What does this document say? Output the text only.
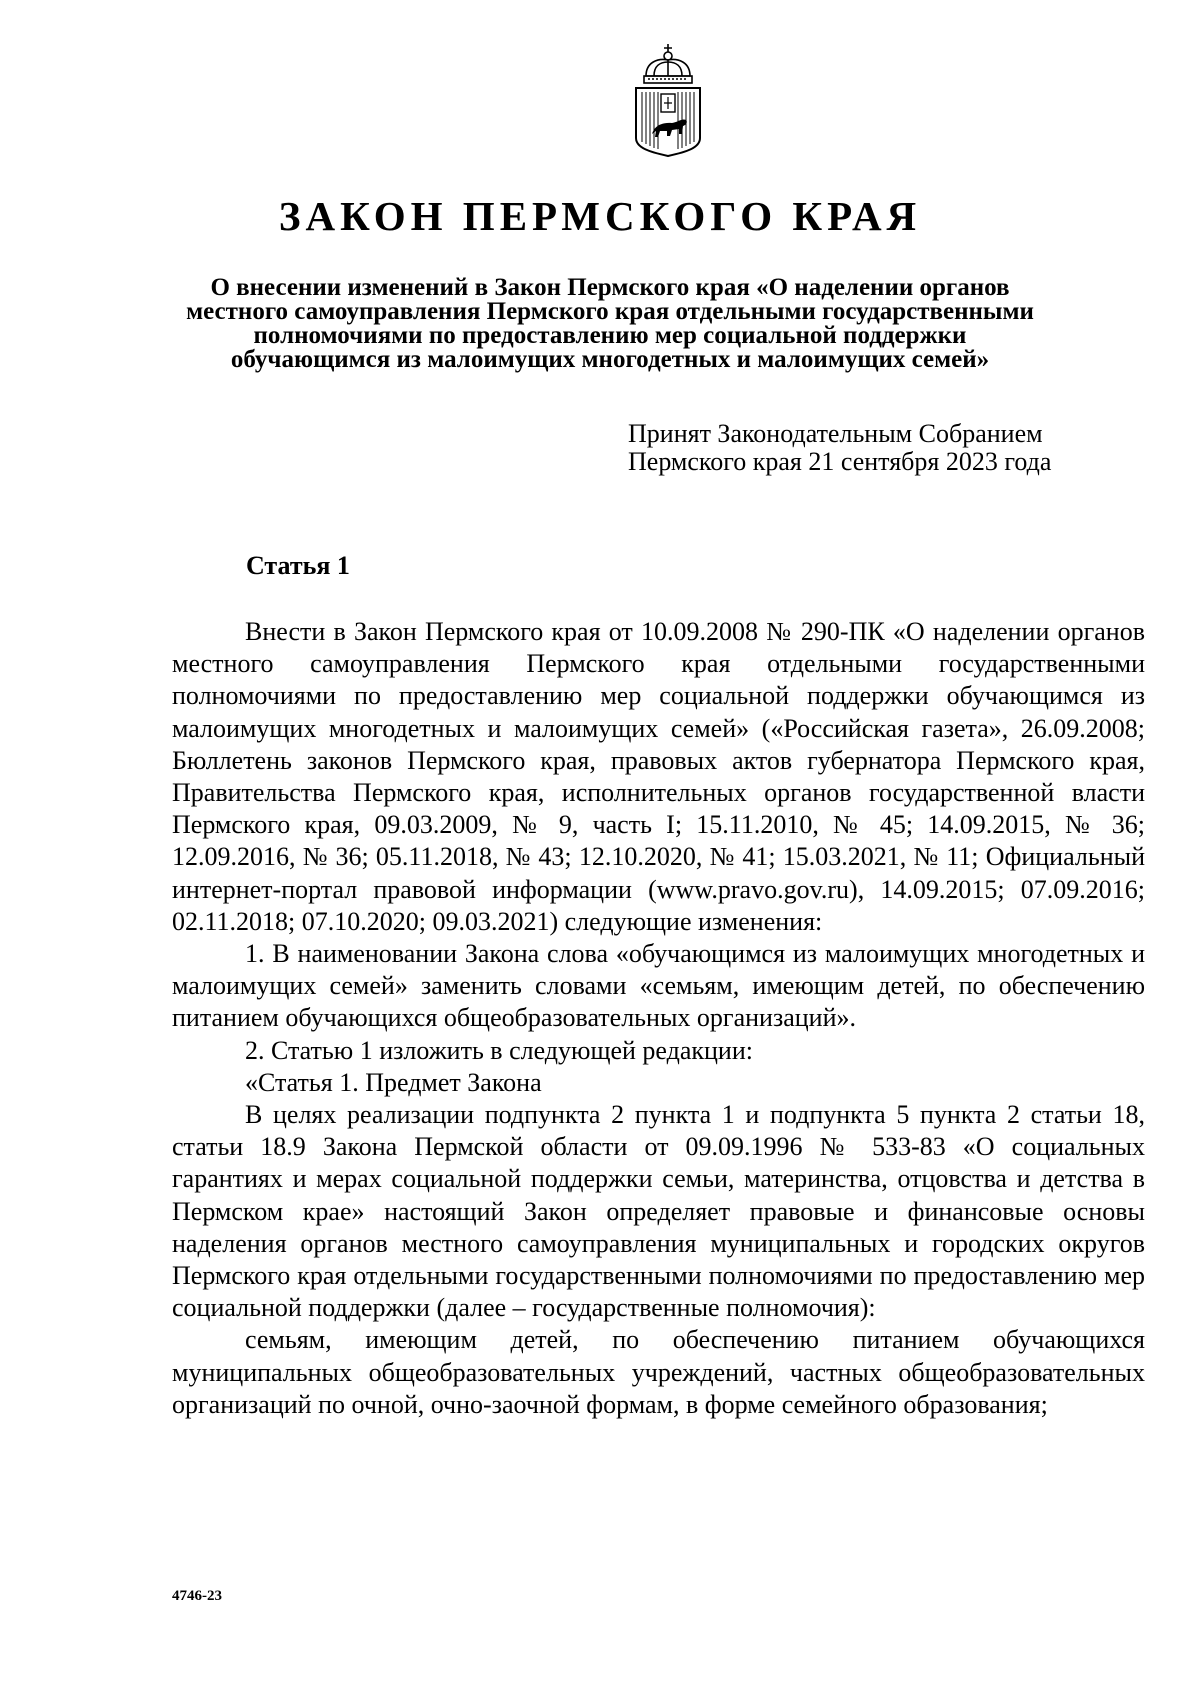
ЗАКОН ПЕРМСКОГО КРАЯ
О внесении изменений в Закон Пермского края «О наделении органов
местного самоуправления Пермского края отдельными государственными
полномочиями по предоставлению мер социальной поддержки
обучающимся из малоимущих многодетных и малоимущих семей»
Принят Законодательным Собранием
Пермского края 21 сентября 2023 года
Статья 1

Внести в Закон Пермского края от 10.09.2008 № 290-ПК «О наделении органов местного самоуправления Пермского края отдельными государственными полномочиями по предоставлению мер социальной поддержки обучающимся из малоимущих многодетных и малоимущих семей» («Российская газета», 26.09.2008; Бюллетень законов Пермского края, правовых актов губернатора Пермского края, Правительства Пермского края, исполнительных органов государственной власти Пермского края, 09.03.2009, № 9, часть I; 15.11.2010, № 45; 14.09.2015, № 36; 12.09.2016, № 36; 05.11.2018, № 43; 12.10.2020, № 41; 15.03.2021, № 11; Официальный интернет-портал правовой информации (www.pravo.gov.ru), 14.09.2015; 07.09.2016; 02.11.2018; 07.10.2020; 09.03.2021) следующие изменения:

1. В наименовании Закона слова «обучающимся из малоимущих многодетных и малоимущих семей» заменить словами «семьям, имеющим детей, по обеспечению питанием обучающихся общеобразовательных организаций».

2. Статью 1 изложить в следующей редакции:

«Статья 1. Предмет Закона

В целях реализации подпункта 2 пункта 1 и подпункта 5 пункта 2 статьи 18, статьи 18.9 Закона Пермской области от 09.09.1996 № 533-83 «О социальных гарантиях и мерах социальной поддержки семьи, материнства, отцовства и детства в Пермском крае» настоящий Закон определяет правовые и финансовые основы наделения органов местного самоуправления муниципальных и городских округов Пермского края отдельными государственными полномочиями по предоставлению мер социальной поддержки (далее – государственные полномочия):

семьям, имеющим детей, по обеспечению питанием обучающихся муниципальных общеобразовательных учреждений, частных общеобразовательных организаций по очной, очно-заочной формам, в форме семейного образования;

4746-23
